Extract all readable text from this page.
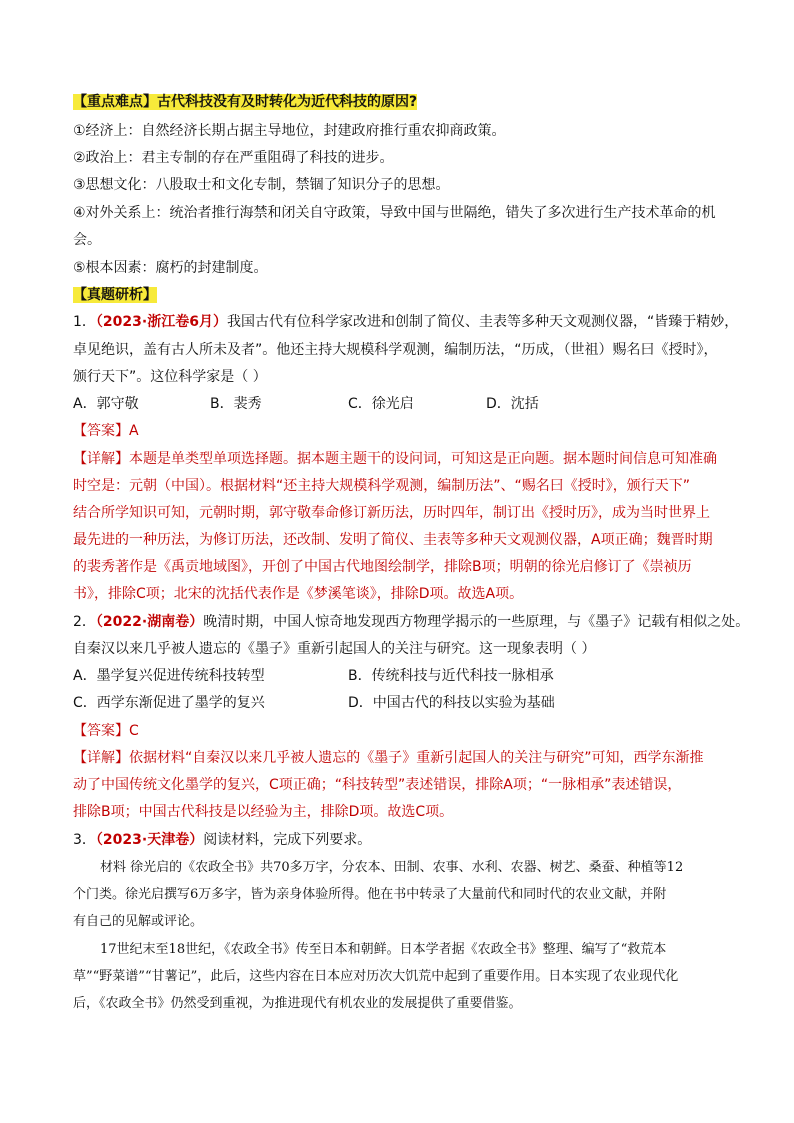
【重点难点】古代科技没有及时转化为近代科技的原因?
①经济上：自然经济长期占据主导地位，封建政府推行重农抑商政策。
②政治上：君主专制的存在严重阻碍了科技的进步。
③思想文化：八股取士和文化专制，禁锢了知识分子的思想。
④对外关系上：统治者推行海禁和闭关自守政策，导致中国与世隔绝，错失了多次进行生产技术革命的机
会。
⑤根本因素：腐朽的封建制度。
【真题研析】
1．（2023·浙江卷6月）我国古代有位科学家改进和创制了简仪、圭表等多种天文观测仪器，“皆臻于精妙，
卓见绝识，盖有古人所未及者”。他还主持大规模科学观测，编制历法，“历成，（世祖）赐名曰《授时》，
颁行天下”。这位科学家是（ ）
A．郭守敬	B．裴秀	C．徐光启	D．沈括
【答案】A
【详解】本题是单类型单项选择题。据本题主题干的设问词，可知这是正向题。据本题时间信息可知准确
时空是：元朝（中国）。根据材料“还主持大规模科学观测，编制历法”、“赐名曰《授时》，颁行天下”
结合所学知识可知，元朝时期，郭守敬奉命修订新历法，历时四年，制订出《授时历》，成为当时世界上
最先进的一种历法，为修订历法，还改制、发明了简仪、圭表等多种天文观测仪器，A项正确；魏晋时期
的裴秀著作是《禹贡地域图》，开创了中国古代地图绘制学，排除B项；明朝的徐光启修订了《崇祯历
书》，排除C项；北宋的沈括代表作是《梦溪笔谈》，排除D项。故选A项。
2．（2022·湖南卷）晚清时期，中国人惊奇地发现西方物理学揭示的一些原理，与《墨子》记载有相似之处。
自秦汉以来几乎被人遗忘的《墨子》重新引起国人的关注与研究。这一现象表明（ ）
A．墨学复兴促进传统科技转型	B．传统科技与近代科技一脉相承
C．西学东渐促进了墨学的复兴	D．中国古代的科技以实验为基础
【答案】C
【详解】依据材料“自秦汉以来几乎被人遗忘的《墨子》重新引起国人的关注与研究”可知，西学东渐推
动了中国传统文化墨学的复兴，C项正确；“科技转型”表述错误，排除A项；“一脉相承”表述错误，
排除B项；中国古代科技是以经验为主，排除D项。故选C项。
3．（2023·天津卷）阅读材料，完成下列要求。
材料 徐光启的《农政全书》共70多万字，分农本、田制、农事、水利、农器、树艺、桑蚕、种植等12
个门类。徐光启撰写6万多字，皆为亲身体验所得。他在书中转录了大量前代和同时代的农业文献，并附
有自己的见解或评论。
17世纪末至18世纪，《农政全书》传至日本和朝鲜。日本学者据《农政全书》整理、编写了“救荒本
草”“野菜谱”“甘薯记”，此后，这些内容在日本应对历次大饥荒中起到了重要作用。日本实现了农业现代化
后，《农政全书》仍然受到重视，为推进现代有机农业的发展提供了重要借鉴。
